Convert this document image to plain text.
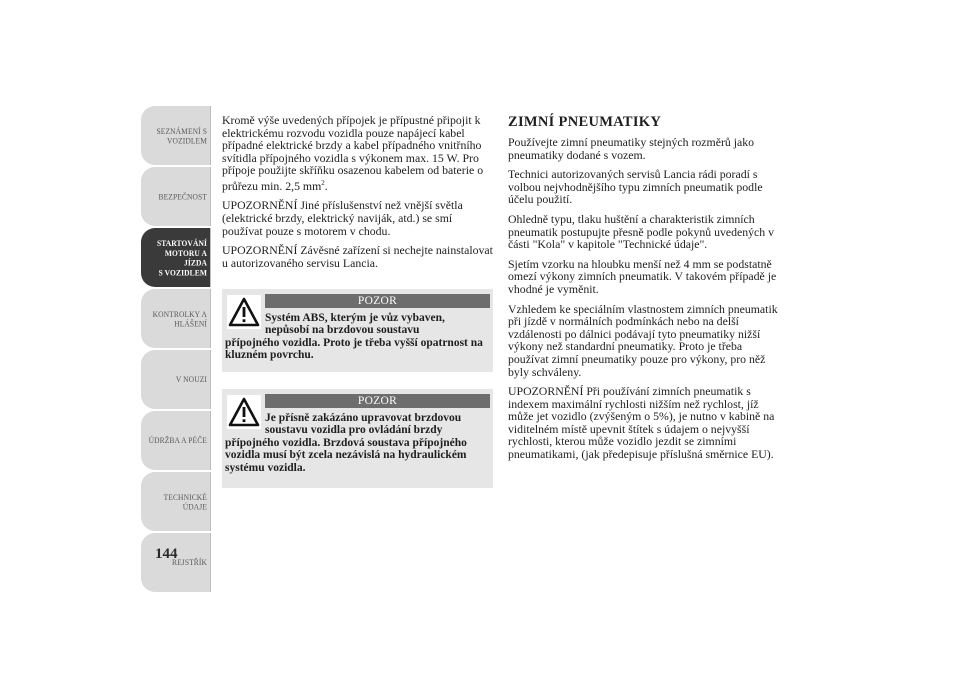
SEZNÁMENÍ S
VOZIDLEM
BEZPEČNOST
STARTOVÁNÍ
MOTORU A JÍZDA
S VOZIDLEM
KONTROLKY A
HLÁŠENÍ
V NOUZI
ÚDRŽBA A PÉČE
TECHNICKÉ
ÚDAJE
REJSTŘÍK
144

Kromě výše uvedených přípojek je přípustné připojit k elektrickému rozvodu vozidla pouze napájecí kabel případné elektrické brzdy a kabel případného vnitřního svítidla přípojného vozidla s výkonem max. 15 W. Pro přípoje použijte skříňku osazenou kabelem od baterie o průřezu min. 2,5 $mm^2$.

UPOZORNĚNÍ Jiné příslušenství než vnější světla (elektrické brzdy, elektrický naviják, atd.) se smí používat pouze s motorem v chodu.

UPOZORNĚNÍ Závěsné zařízení si nechejte nainstalovat u autorizovaného servisu Lancia.

POZOR
Systém ABS, kterým je vůz vybaven, nepůsobí na brzdovou soustavu
přípojného vozidla. Proto je třeba vyšší opatrnost na kluzném povrchu.
POZOR
Je přísně zakázáno upravovat brzdovou soustavu vozidla pro ovládání brzdy
přípojného vozidla. Brzdová soustava přípojného vozidla musí být zcela nezávislá na hydraulickém systému vozidla.
ZIMNÍ PNEUMATIKY

Používejte zimní pneumatiky stejných rozměrů jako pneumatiky dodané s vozem.

Technici autorizovaných servisů Lancia rádi poradí s volbou nejvhodnějšího typu zimních pneumatik podle účelu použití.

Ohledně typu, tlaku huštění a charakteristik zimních pneumatik postupujte přesně podle pokynů uvedených v části "Kola" v kapitole "Technické údaje".

Sjetím vzorku na hloubku menší než 4 mm se podstatně omezí výkony zimních pneumatik. V takovém případě je vhodné je vyměnit.

Vzhledem ke speciálním vlastnostem zimních pneumatik při jízdě v normálních podmínkách nebo na delší vzdálenosti po dálnici podávají tyto pneumatiky nižší výkony než standardní pneumatiky. Proto je třeba používat zimní pneumatiky pouze pro výkony, pro něž byly schváleny.

UPOZORNĚNÍ Při používání zimních pneumatik s indexem maximální rychlosti nižším než rychlost, jíž může jet vozidlo (zvýšeným o 5%), je nutno v kabině na viditelném místě upevnit štítek s údajem o nejvyšší rychlosti, kterou může vozidlo jezdit se zimními pneumatikami, (jak předepisuje příslušná směrnice EU).
